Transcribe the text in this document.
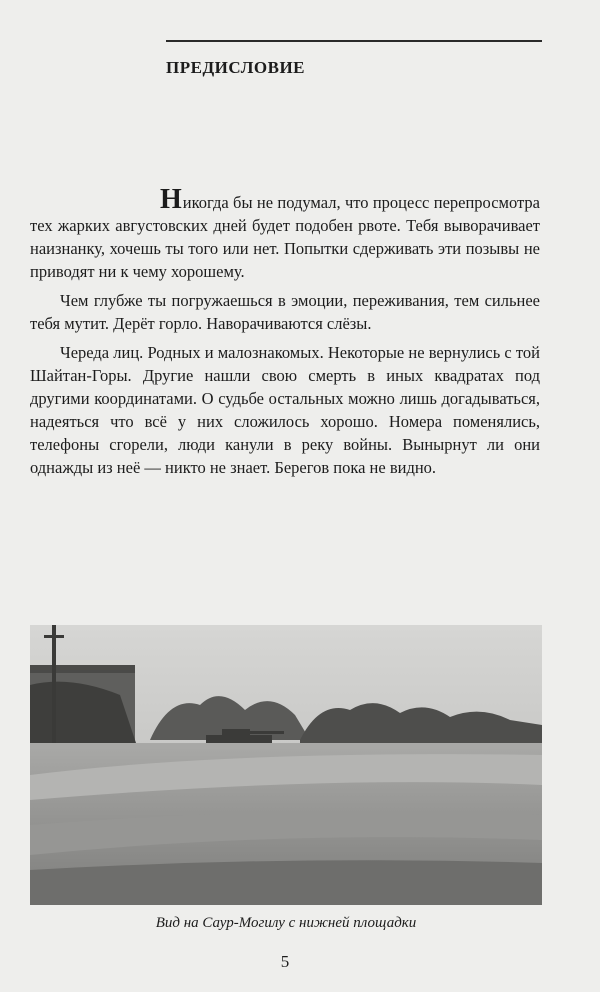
ПРЕДИСЛОВИЕ

Никогда бы не подумал, что процесс перепросмотра тех жарких августовских дней будет подобен рвоте. Тебя выворачивает наизнанку, хочешь ты того или нет. Попытки сдерживать эти позывы не приводят ни к чему хорошему.

Чем глубже ты погружаешься в эмоции, переживания, тем сильнее тебя мутит. Дерёт горло. Наворачиваются слёзы.

Череда лиц. Родных и малознакомых. Некоторые не вернулись с той Шайтан-Горы. Другие нашли свою смерть в иных квадратах под другими координатами. О судьбе остальных можно лишь догадываться, надеяться что всё у них сложилось хорошо. Номера поменялись, телефоны сгорели, люди канули в реку войны. Вынырнут ли они однажды из неё — никто не знает. Берегов пока не видно.

Вид на Саур-Могилу с нижней площадки
5
